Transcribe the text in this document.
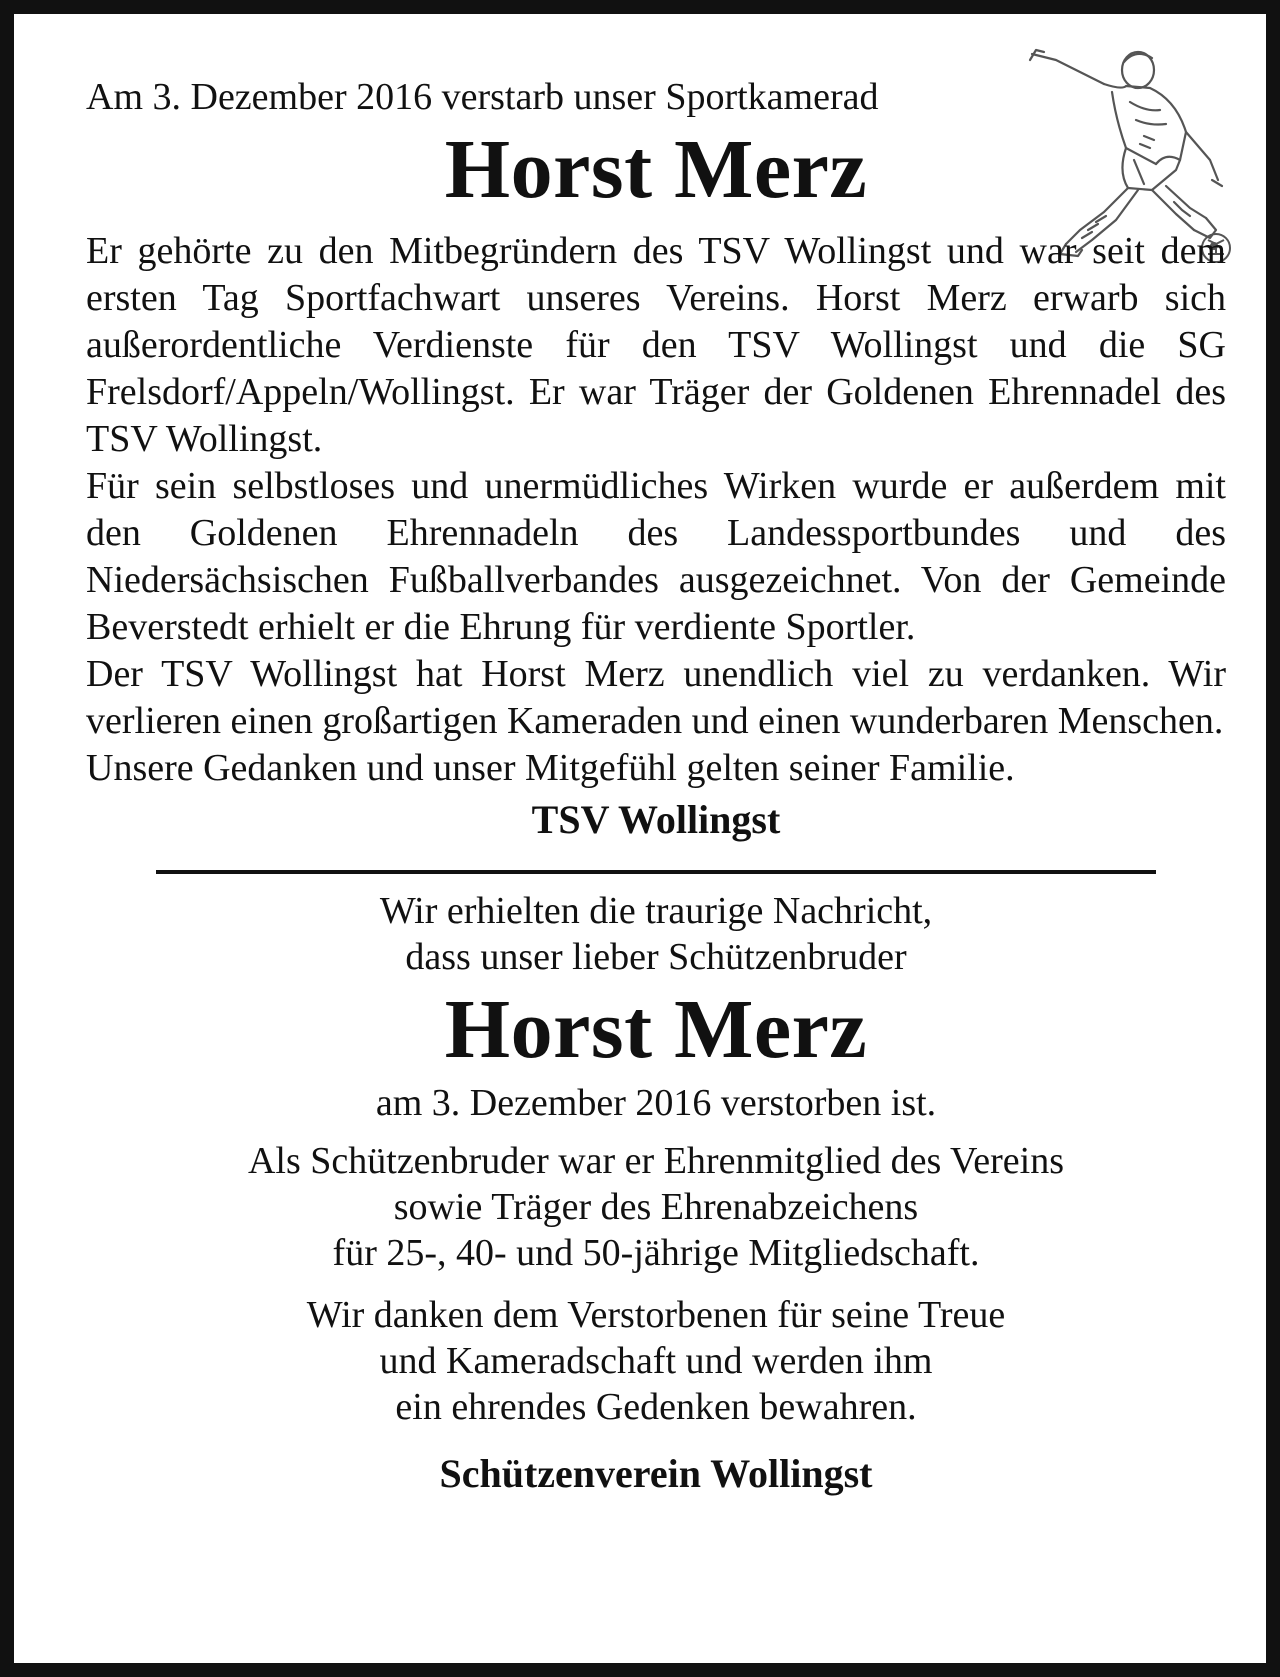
Am 3. Dezember 2016 verstarb unser Sportkamerad

Horst Merz

Er gehörte zu den Mitbegründern des TSV Wollingst und war seit dem ersten Tag Sportfachwart unseres Vereins. Horst Merz erwarb sich außerordentliche Verdienste für den TSV Wollingst und die SG Frelsdorf/Appeln/Wollingst. Er war Träger der Goldenen Ehrennadel des TSV Wollingst.

Für sein selbstloses und unermüdliches Wirken wurde er außerdem mit den Goldenen Ehrennadeln des Landessportbundes und des Niedersächsischen Fußballverbandes ausgezeichnet. Von der Gemeinde Beverstedt erhielt er die Ehrung für verdiente Sportler.

Der TSV Wollingst hat Horst Merz unendlich viel zu verdanken. Wir verlieren einen großartigen Kameraden und einen wunderbaren Menschen.

Unsere Gedanken und unser Mitgefühl gelten seiner Familie.

TSV Wollingst

Wir erhielten die traurige Nachricht,

dass unser lieber Schützenbruder

Horst Merz

am 3. Dezember 2016 verstorben ist.

Als Schützenbruder war er Ehrenmitglied des Vereins

sowie Träger des Ehrenabzeichens

für 25-, 40- und 50-jährige Mitgliedschaft.

Wir danken dem Verstorbenen für seine Treue

und Kameradschaft und werden ihm

ein ehrendes Gedenken bewahren.

Schützenverein Wollingst
